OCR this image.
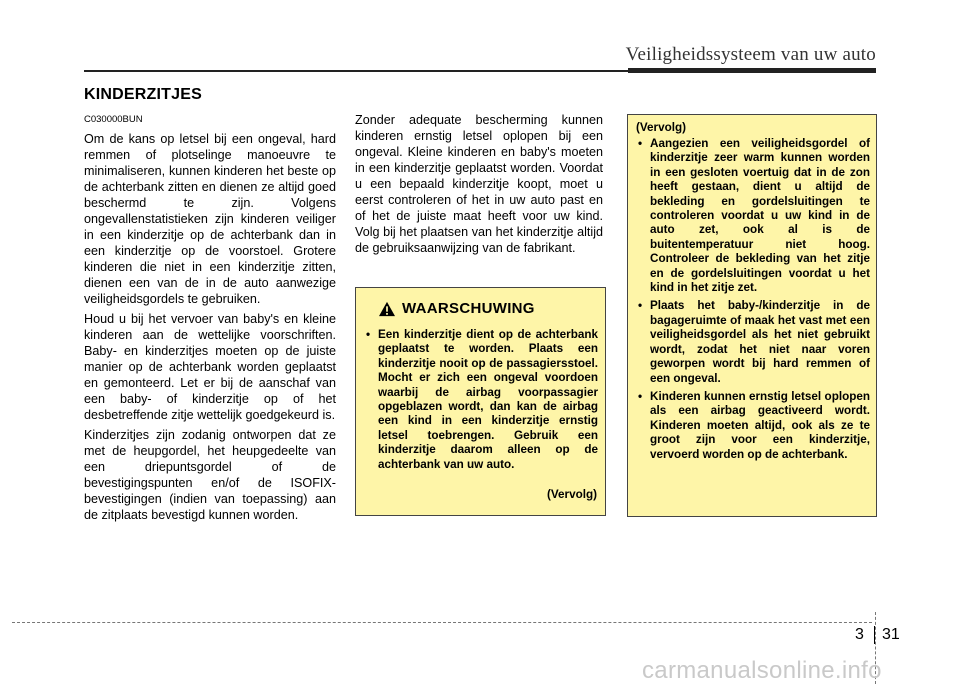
Veiligheidssysteem van uw auto
KINDERZITJES
C030000BUN

Om de kans op letsel bij een ongeval, hard remmen of plotselinge manoeuvre te minimaliseren, kunnen kinderen het beste op de achterbank zitten en dienen ze altijd goed beschermd te zijn. Volgens ongevallenstatistieken zijn kinderen veiliger in een kinderzitje op de achterbank dan in een kinderzitje op de voorstoel. Grotere kinderen die niet in een kinderzitje zitten, dienen een van de in de auto aanwezige veiligheidsgordels te gebruiken.

Houd u bij het vervoer van baby's en kleine kinderen aan de wettelijke voorschriften. Baby- en kinderzitjes moeten op de juiste manier op de achterbank worden geplaatst en gemonteerd. Let er bij de aanschaf van een baby- of kinderzitje op of het desbetreffende zitje wettelijk goedgekeurd is.

Kinderzitjes zijn zodanig ontworpen dat ze met de heupgordel, het heupgedeelte van een driepuntsgordel of de bevestigingspunten en/of de ISOFIX-bevestigingen (indien van toepassing) aan de zitplaats bevestigd kunnen worden.

Zonder adequate bescherming kunnen kinderen ernstig letsel oplopen bij een ongeval. Kleine kinderen en baby's moeten in een kinderzitje geplaatst worden. Voordat u een bepaald kinderzitje koopt, moet u eerst controleren of het in uw auto past en of het de juiste maat heeft voor uw kind. Volg bij het plaatsen van het kinderzitje altijd de gebruiksaanwijzing van de fabrikant.

WAARSCHUWING
• Een kinderzitje dient op de achterbank geplaatst te worden. Plaats een kinderzitje nooit op de passagiersstoel. Mocht er zich een ongeval voordoen waarbij de airbag voorpassagier opgeblazen wordt, dan kan de airbag een kind in een kinderzitje ernstig letsel toebrengen. Gebruik een kinderzitje daarom alleen op de achterbank van uw auto.
(Vervolg)
(Vervolg)
• Aangezien een veiligheidsgordel of kinderzitje zeer warm kunnen worden in een gesloten voertuig dat in de zon heeft gestaan, dient u altijd de bekleding en gordelsluitingen te controleren voordat u uw kind in de auto zet, ook al is de buitentemperatuur niet hoog. Controleer de bekleding van het zitje en de gordelsluitingen voordat u het kind in het zitje zet.
• Plaats het baby-/kinderzitje in de bagageruimte of maak het vast met een veiligheidsgordel als het niet gebruikt wordt, zodat het niet naar voren geworpen wordt bij hard remmen of een ongeval.
• Kinderen kunnen ernstig letsel oplopen als een airbag geactiveerd wordt. Kinderen moeten altijd, ook als ze te groot zijn voor een kinderzitje, vervoerd worden op de achterbank.
3 31
carmanualsonline.info
